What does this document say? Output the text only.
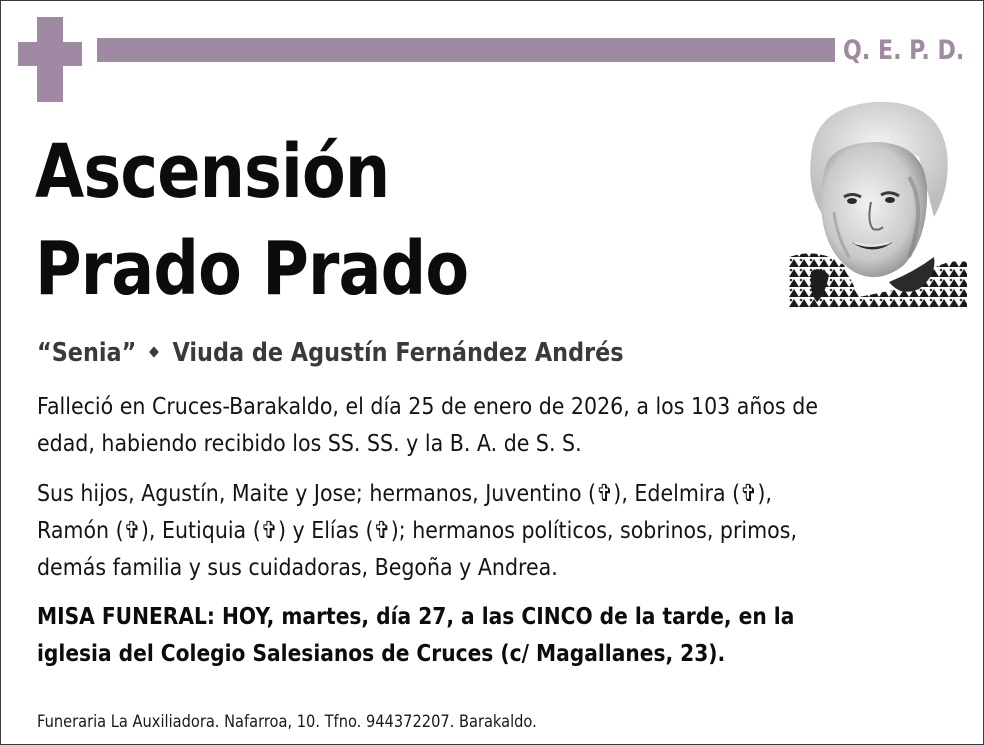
Q. E. P. D.
Ascensión
Prado Prado
“Senia” Viuda de Agustín Fernández Andrés

Falleció en Cruces-Barakaldo, el día 25 de enero de 2026, a los 103 años de
edad, habiendo recibido los SS. SS. y la B. A. de S. S.

Sus hijos, Agustín, Maite y Jose; hermanos, Juventino (✞), Edelmira (✞),
Ramón (✞), Eutiquia (✞) y Elías (✞); hermanos políticos, sobrinos, primos,
demás familia y sus cuidadoras, Begoña y Andrea.

MISA FUNERAL: HOY, martes, día 27, a las CINCO de la tarde, en la
iglesia del Colegio Salesianos de Cruces (c/ Magallanes, 23).

Funeraria La Auxiliadora. Nafarroa, 10. Tfno. 944372207. Barakaldo.
